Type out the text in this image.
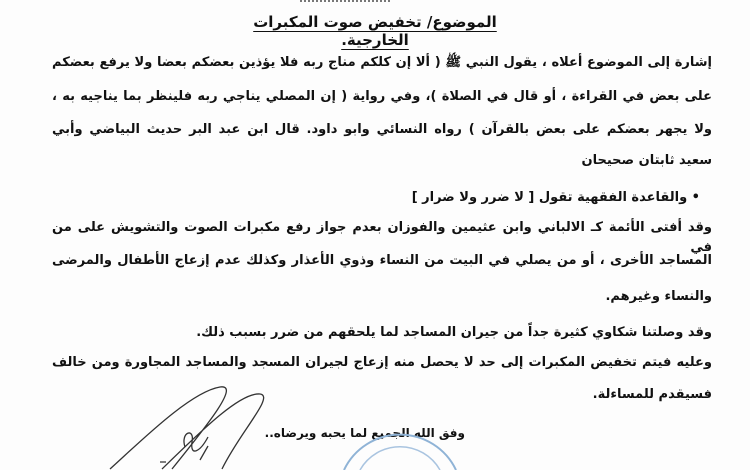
الموضوع/ تخفيض صوت المكبرات الخارجية.
إشارة إلى الموضوع أعلاه ، يقول النبي ﷺ ( ألا إن كلكم مناج ربه فلا يؤذين بعضكم بعضا ولا يرفع بعضكم
على بعض في القراءة ، أو قال في الصلاة )، وفي رواية ( إن المصلي يناجي ربه فلينظر بما يناجيه به ،
ولا يجهر بعضكم على بعض بالقرآن ) رواه النسائي وابو داود. قال ابن عبد البر حديث البياضي وأبي
سعيد ثابتان صحيحان
• والقاعدة الفقهية تقول [ لا ضرر ولا ضرار ]
وقد أفتى الأئمة كـ الالباني وابن عثيمين والفوزان بعدم جواز رفع مكبرات الصوت والتشويش على من في
المساجد الأخرى ، أو من يصلي في البيت من النساء وذوي الأعذار وكذلك عدم إزعاج الأطفال والمرضى
والنساء وغيرهم.
وقد وصلتنا شكاوي كثيرة جداً من جيران المساجد لما يلحقهم من ضرر بسبب ذلك.
وعليه فيتم تخفيض المكبرات إلى حد لا يحصل منه إزعاج لجيران المسجد والمساجد المجاورة ومن خالف
فسيقدم للمساءلة.
وفق الله الجميع لما يحبه ويرضاه..
